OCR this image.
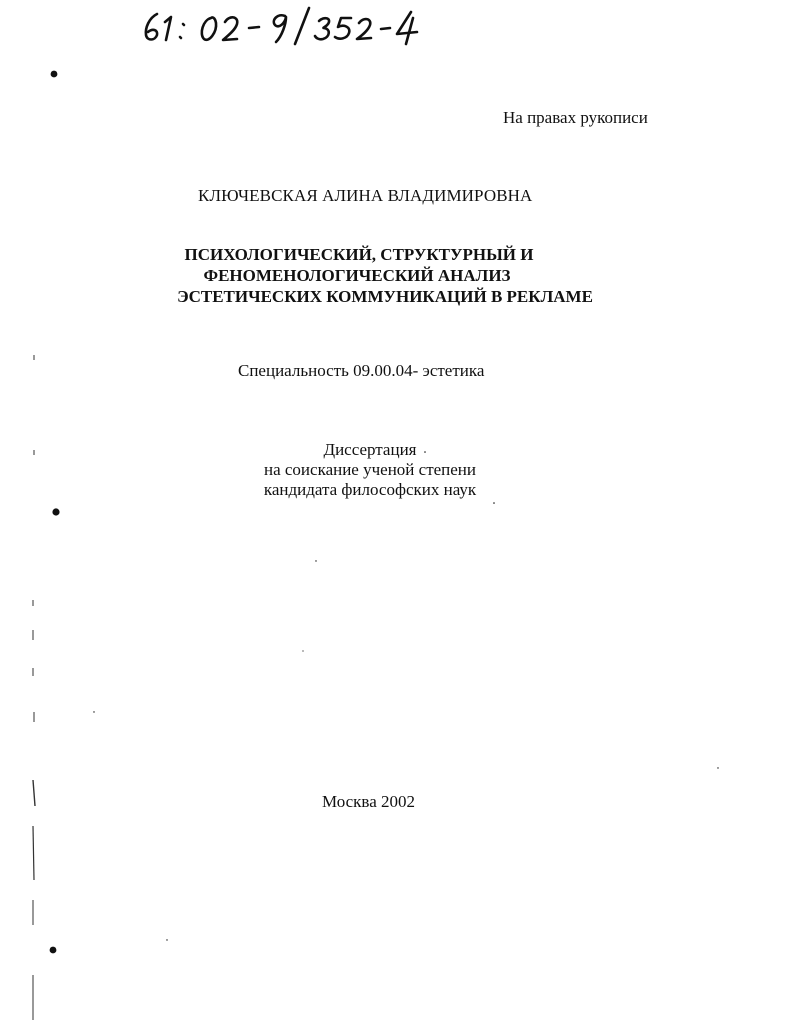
На правах рукописи
КЛЮЧЕВСКАЯ АЛИНА ВЛАДИМИРОВНА
ПСИХОЛОГИЧЕСКИЙ, СТРУКТУРНЫЙ И
ФЕНОМЕНОЛОГИЧЕСКИЙ АНАЛИЗ
ЭСТЕТИЧЕСКИХ КОММУНИКАЦИЙ В РЕКЛАМЕ
Специальность 09.00.04- эстетика
Диссертация
на соискание ученой степени
кандидата философских наук
Москва 2002
